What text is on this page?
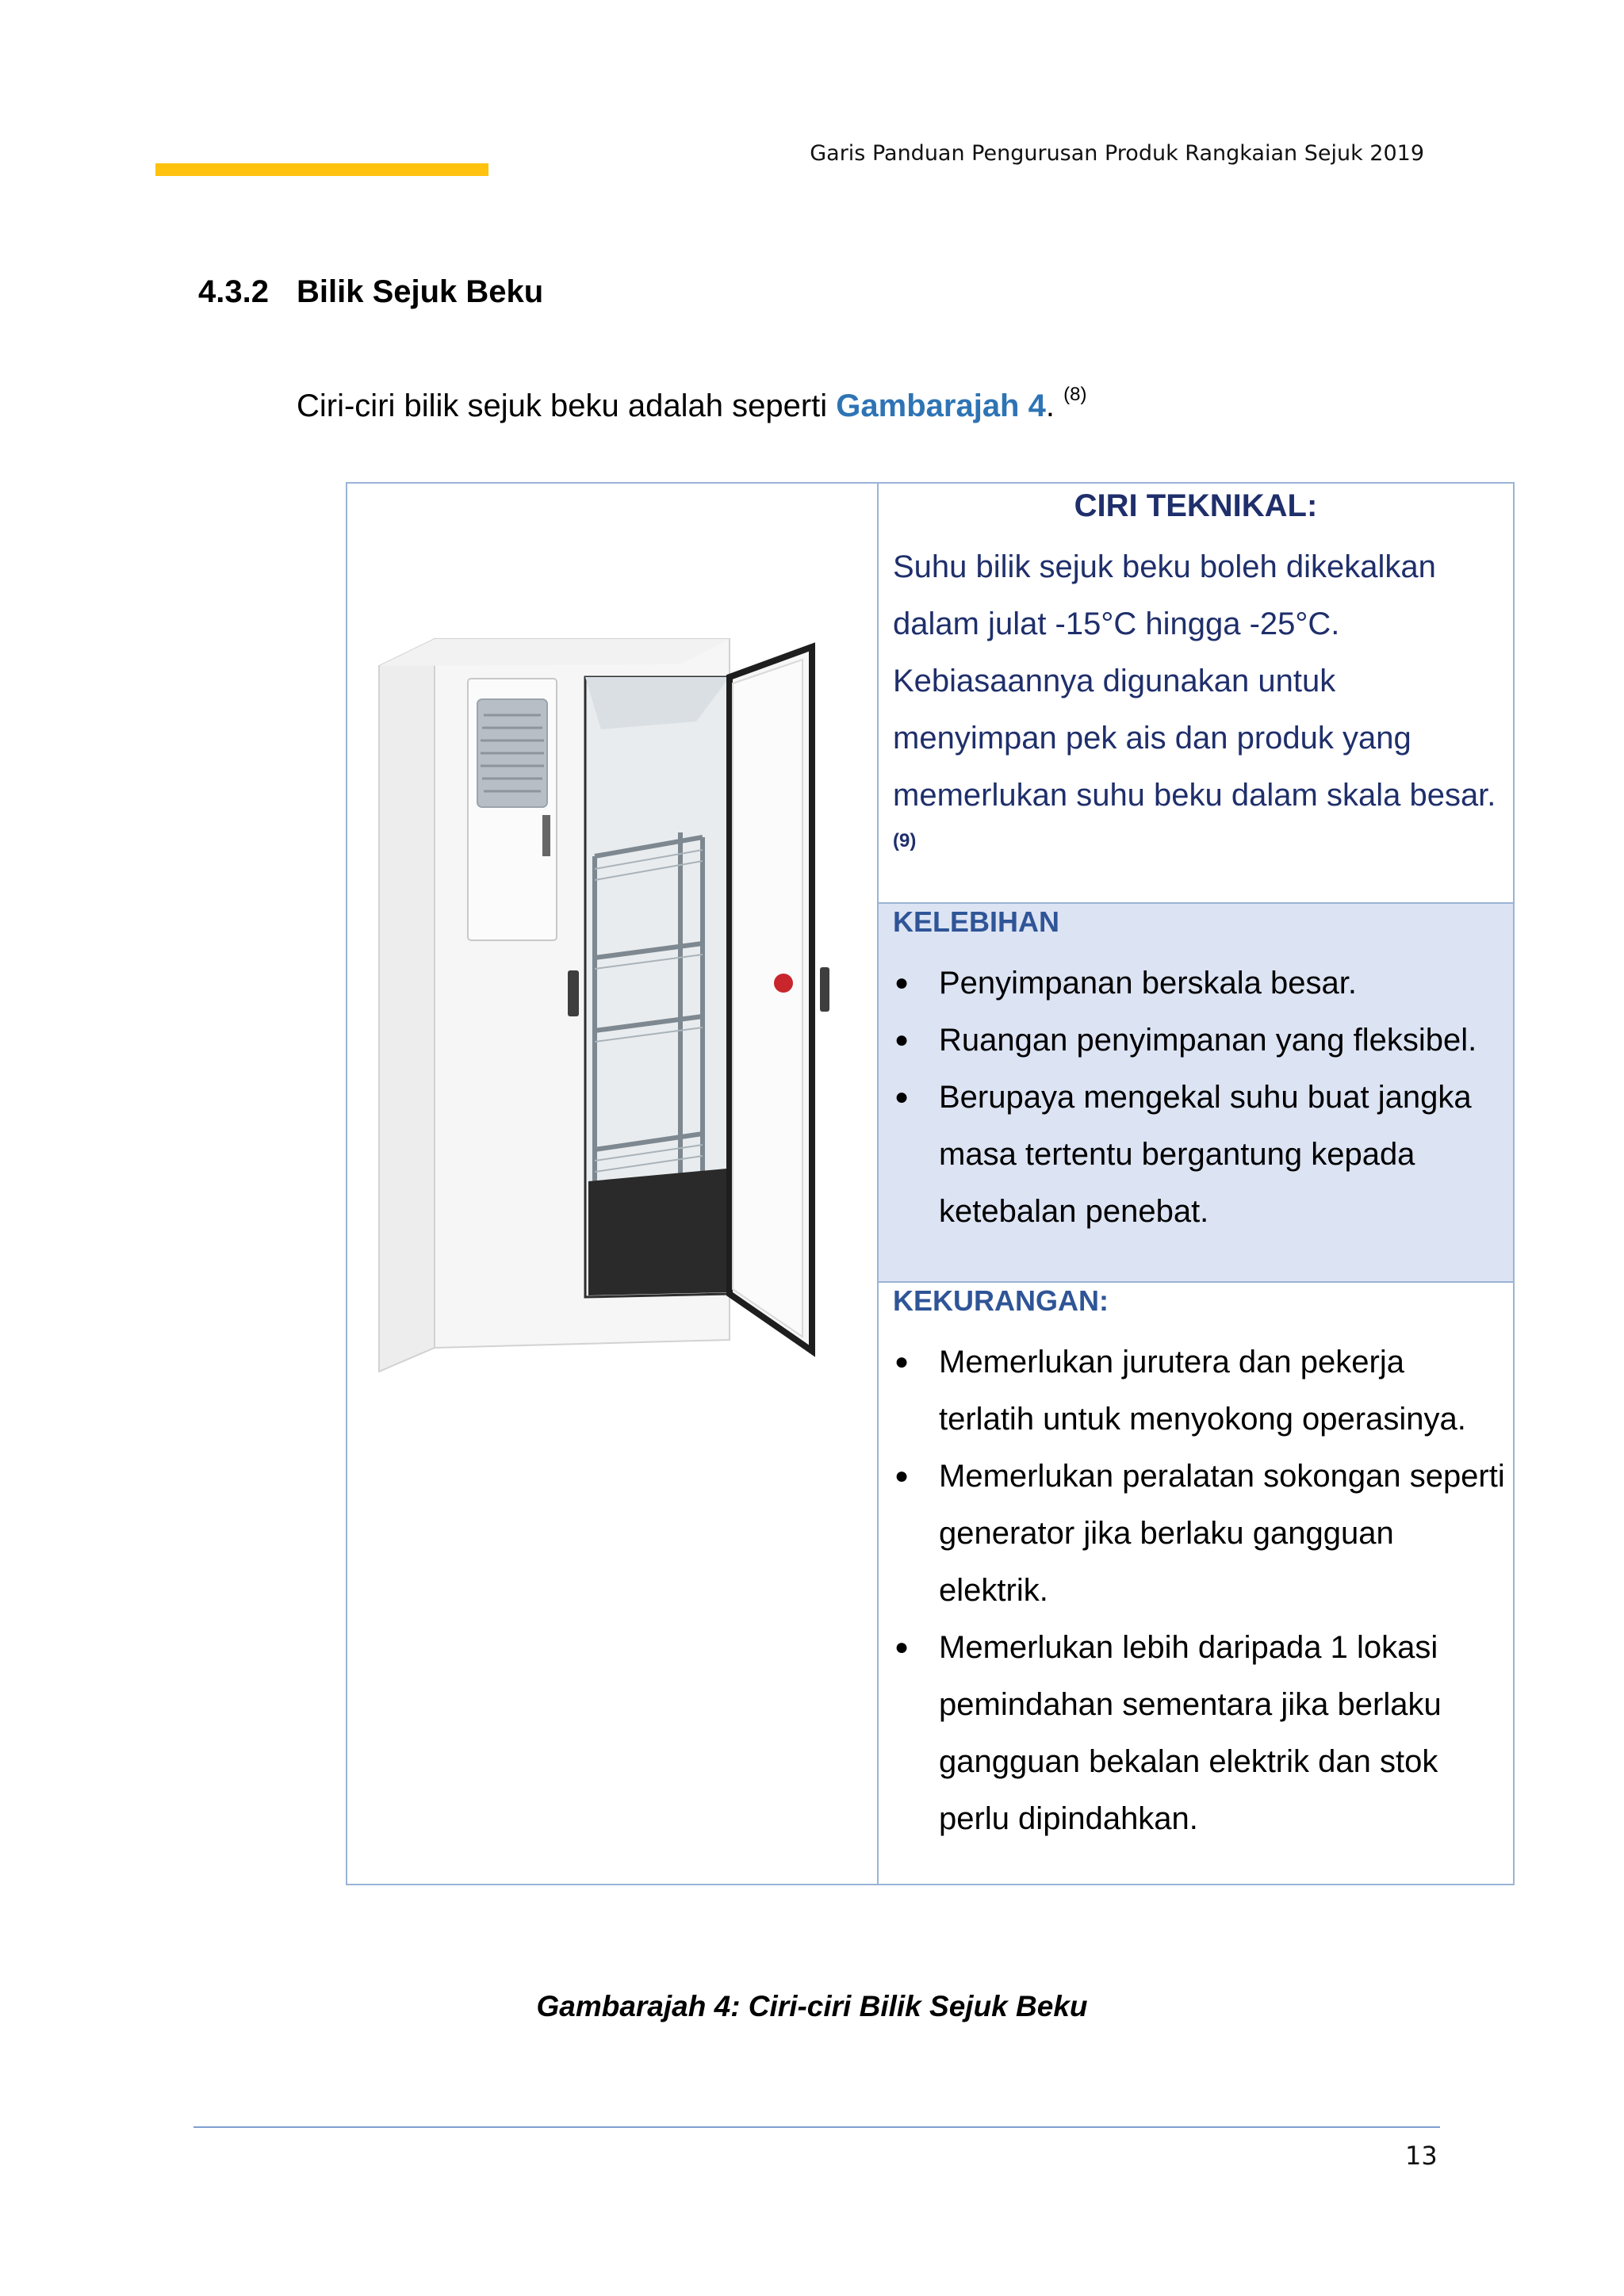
Garis Panduan Pengurusan Produk Rangkaian Sejuk 2019
4.3.2 Bilik Sejuk Beku
Ciri-ciri bilik sejuk beku adalah seperti Gambarajah 4. $^{(8)}$
CIRI TEKNIKAL:
Suhu bilik sejuk beku boleh dikekalkan dalam julat -15°C hingga -25°C. Kebiasaannya digunakan untuk menyimpan pek ais dan produk yang memerlukan suhu beku dalam skala besar. $^{(9)}$
KELEBIHAN
● Penyimpanan berskala besar.
● Ruangan penyimpanan yang fleksibel.
● Berupaya mengekal suhu buat jangka masa tertentu bergantung kepada ketebalan penebat.
KEKURANGAN:
● Memerlukan jurutera dan pekerja terlatih untuk menyokong operasinya.
● Memerlukan peralatan sokongan seperti generator jika berlaku gangguan elektrik.
● Memerlukan lebih daripada 1 lokasi pemindahan sementara jika berlaku gangguan bekalan elektrik dan stok perlu dipindahkan.
Gambarajah 4: Ciri-ciri Bilik Sejuk Beku
13
